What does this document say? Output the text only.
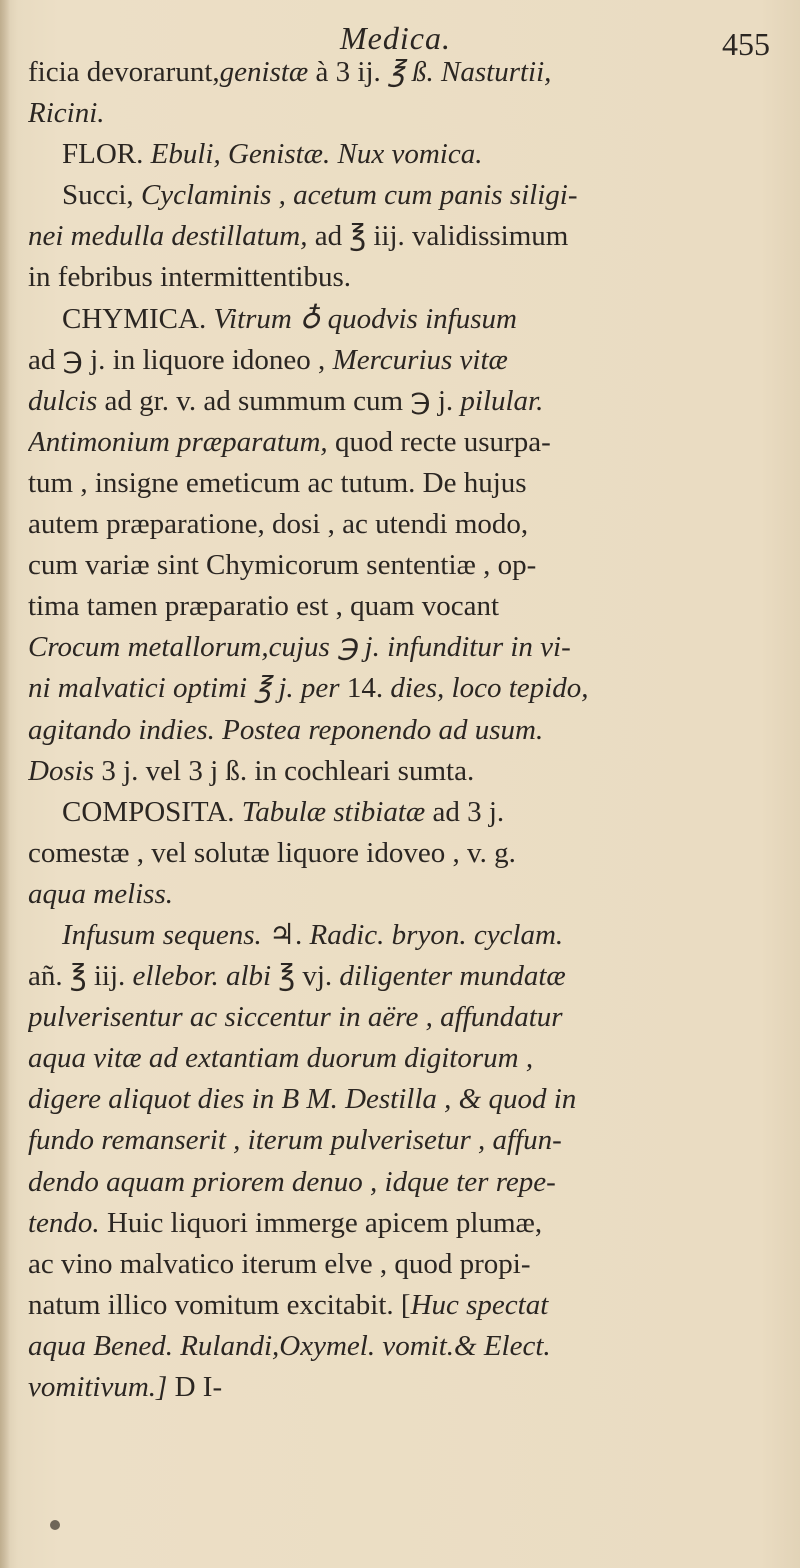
Medica.	455
ficia devorarunt,genistæ à 3 ij. ℥ ß. Nasturtii,
Ricini.
FLOR. Ebuli, Genistæ. Nux vomica.
Succi, Cyclaminis , acetum cum panis siligi-
nei medulla destillatum, ad ℥ iij. validissimum
in febribus intermittentibus.
CHYMICA. Vitrum ♁ quodvis infusum
ad ℈ j. in liquore idoneo , Mercurius vitæ
dulcis ad gr. v. ad summum cum ℈ j. pilular.
Antimonium præparatum, quod recte usurpa-
tum , insigne emeticum ac tutum. De hujus
autem præparatione, dosi , ac utendi modo,
cum variæ sint Chymicorum sententiæ , op-
tima tamen præparatio est , quam vocant
Crocum metallorum,cujus ℈ j. infunditur in vi-
ni malvatici optimi ℥ j. per 14. dies, loco tepido,
agitando indies. Postea reponendo ad usum.
Dosis 3 j. vel 3 j ß. in cochleari sumta.
COMPOSITA. Tabulæ stibiatæ ad 3 j.
comestæ , vel solutæ liquore idoveo , v. g.
aqua meliss.
Infusum sequens. ♃. Radic. bryon. cyclam.
añ. ℥ iij. ellebor. albi ℥ vj. diligenter mundatæ
pulverisentur ac siccentur in aëre , affundatur
aqua vitæ ad extantiam duorum digitorum ,
digere aliquot dies in B M. Destilla , & quod in
fundo remanserit , iterum pulverisetur , affun-
dendo aquam priorem denuo , idque ter repe-
tendo. Huic liquori immerge apicem plumæ,
ac vino malvatico iterum elve , quod propi-
natum illico vomitum excitabit. [Huc spectat
aqua Bened. Rulandi,Oxymel. vomit.& Elect.
vomitivum.] D I-
